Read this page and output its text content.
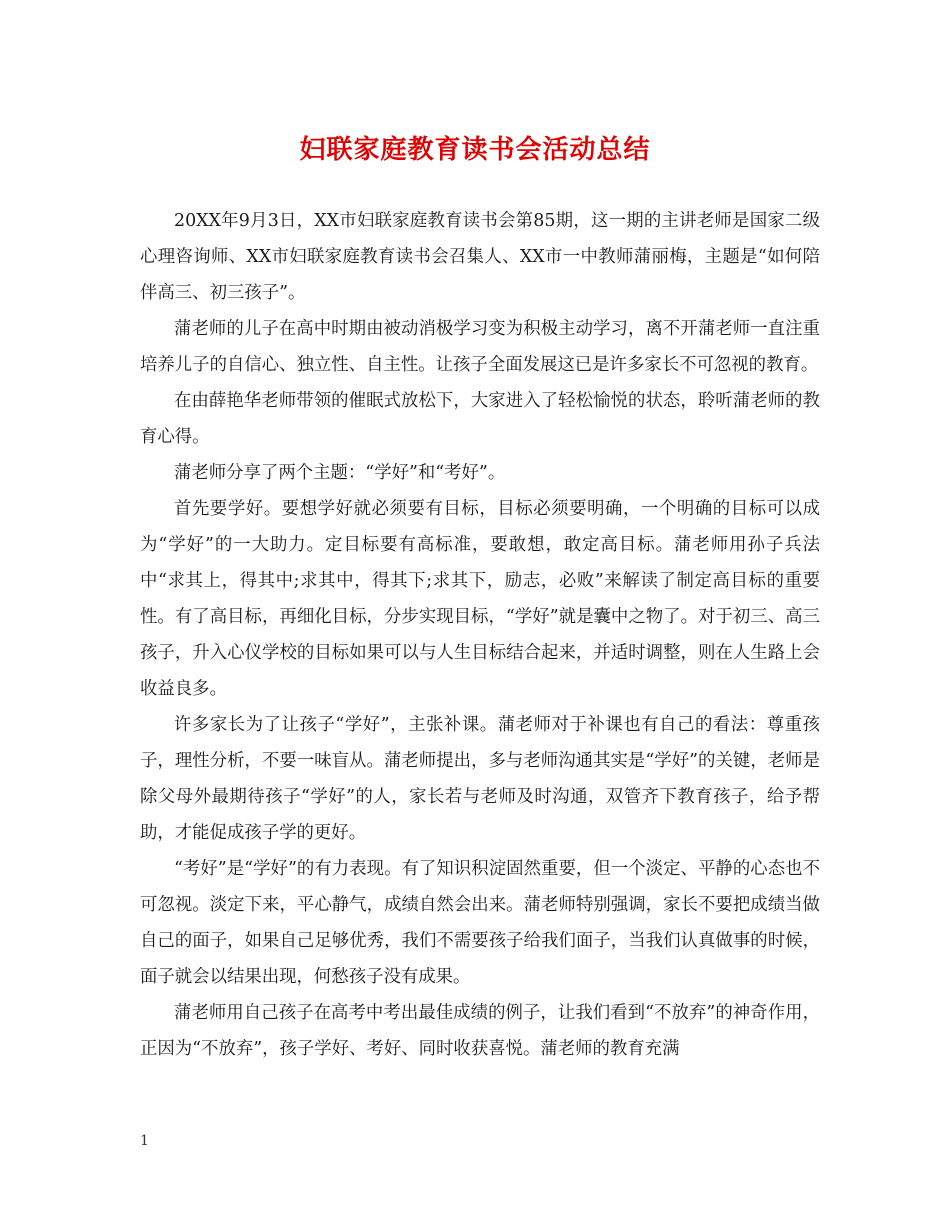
妇联家庭教育读书会活动总结

20XX年9月3日，XX市妇联家庭教育读书会第85期，这一期的主讲老师是国家二级心理咨询师、XX市妇联家庭教育读书会召集人、XX市一中教师蒲丽梅，主题是“如何陪伴高三、初三孩子”。

蒲老师的儿子在高中时期由被动消极学习变为积极主动学习，离不开蒲老师一直注重培养儿子的自信心、独立性、自主性。让孩子全面发展这已是许多家长不可忽视的教育。

在由薛艳华老师带领的催眠式放松下，大家进入了轻松愉悦的状态，聆听蒲老师的教育心得。

蒲老师分享了两个主题：“学好”和“考好”。

首先要学好。要想学好就必须要有目标，目标必须要明确，一个明确的目标可以成为“学好”的一大助力。定目标要有高标准，要敢想，敢定高目标。蒲老师用孙子兵法中“求其上，得其中;求其中，得其下;求其下，励志，必败”来解读了制定高目标的重要性。有了高目标，再细化目标，分步实现目标，“学好”就是囊中之物了。对于初三、高三孩子，升入心仪学校的目标如果可以与人生目标结合起来，并适时调整，则在人生路上会收益良多。

许多家长为了让孩子“学好”，主张补课。蒲老师对于补课也有自己的看法：尊重孩子，理性分析，不要一味盲从。蒲老师提出，多与老师沟通其实是“学好”的关键，老师是除父母外最期待孩子“学好”的人，家长若与老师及时沟通，双管齐下教育孩子，给予帮助，才能促成孩子学的更好。

“考好”是“学好”的有力表现。有了知识积淀固然重要，但一个淡定、平静的心态也不可忽视。淡定下来，平心静气，成绩自然会出来。蒲老师特别强调，家长不要把成绩当做自己的面子，如果自己足够优秀，我们不需要孩子给我们面子，当我们认真做事的时候，面子就会以结果出现，何愁孩子没有成果。

蒲老师用自己孩子在高考中考出最佳成绩的例子，让我们看到“不放弃”的神奇作用，正因为“不放弃”，孩子学好、考好、同时收获喜悦。蒲老师的教育充满

1
